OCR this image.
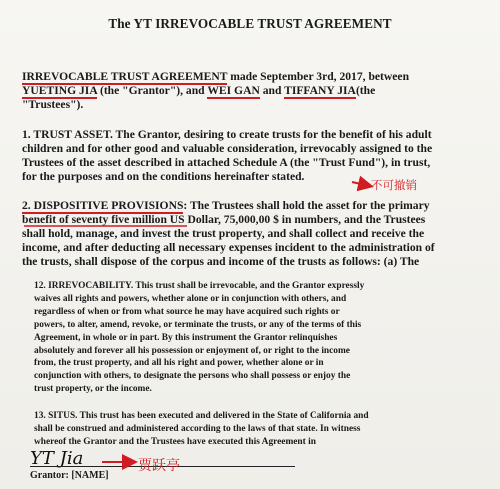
The YT IRREVOCABLE TRUST AGREEMENT
IRREVOCABLE TRUST AGREEMENT made September 3rd, 2017, between
YUETING JIA (the "Grantor"), and WEI GAN and TIFFANY JIA(the
"Trustees").
1. TRUST ASSET. The Grantor, desiring to create trusts for the benefit of his adult
children and for other good and valuable consideration, irrevocably assigned to the
Trustees of the asset described in attached Schedule A (the "Trust Fund"), in trust,
for the purposes and on the conditions hereinafter stated.
2. DISPOSITIVE PROVISIONS: The Trustees shall hold the asset for the primary
benefit of seventy five million US Dollar, 75,000,00 $ in numbers, and the Trustees
shall hold, manage, and invest the trust property, and shall collect and receive the
income, and after deducting all necessary expenses incident to the administration of
the trusts, shall dispose of the corpus and income of the trusts as follows: (a) The
12. IRREVOCABILITY. This trust shall be irrevocable, and the Grantor expressly
waives all rights and powers, whether alone or in conjunction with others, and
regardless of when or from what source he may have acquired such rights or
powers, to alter, amend, revoke, or terminate the trusts, or any of the terms of this
Agreement, in whole or in part. By this instrument the Grantor relinquishes
absolutely and forever all his possession or enjoyment of, or right to the income
from, the trust property, and all his right and power, whether alone or in
conjunction with others, to designate the persons who shall possess or enjoy the
trust property, or the income.
13. SITUS. This trust has been executed and delivered in the State of California and
shall be construed and administered according to the laws of that state. In witness
whereof the Grantor and the Trustees have executed this Agreement in
YT Jia
Grantor: [NAME]
不可撤销
贾跃亭
